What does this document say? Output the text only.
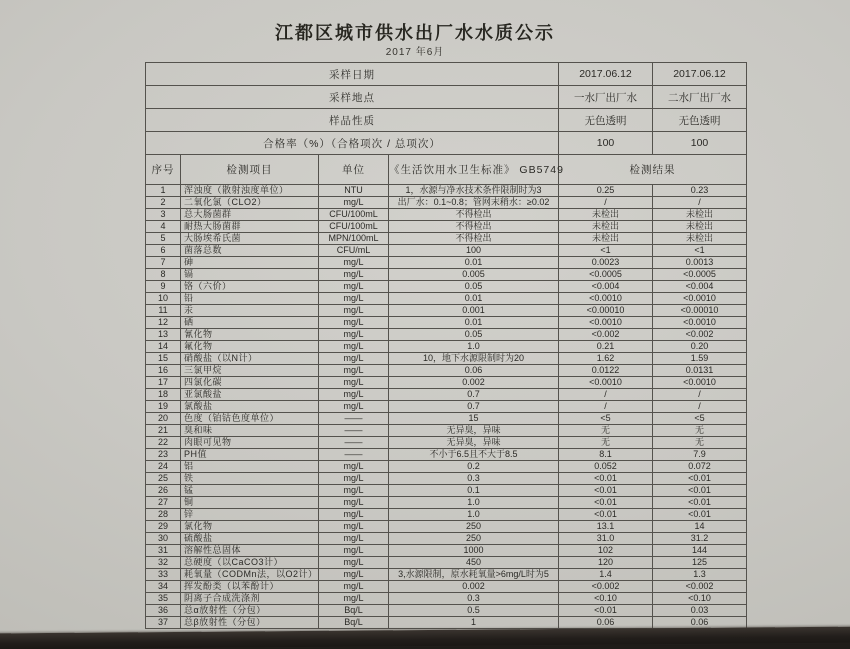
江都区城市供水出厂水水质公示
2017 年6月
采样日期	2017.06.12	2017.06.12
采样地点	一水厂出厂水	二水厂出厂水
样品性质	无色透明	无色透明
合格率（%）（合格项次 / 总项次）	100	100
序号	检测项目	单位	《生活饮用水卫生标准》 GB5749	检测结果	
1	浑浊度（散射浊度单位）	NTU	1，水源与净水技术条件限制时为3	0.25	0.23
2	二氧化氯（CLO2）	mg/L	出厂水：0.1~0.8；管网末稍水：≥0.02	/	/
3	总大肠菌群	CFU/100mL	不得检出	未检出	未检出
4	耐热大肠菌群	CFU/100mL	不得检出	未检出	未检出
5	大肠埃希氏菌	MPN/100mL	不得检出	未检出	未检出
6	菌落总数	CFU/mL	100	<1	<1
7	砷	mg/L	0.01	0.0023	0.0013
8	镉	mg/L	0.005	<0.0005	<0.0005
9	铬（六价）	mg/L	0.05	<0.004	<0.004
10	铅	mg/L	0.01	<0.0010	<0.0010
11	汞	mg/L	0.001	<0.00010	<0.00010
12	硒	mg/L	0.01	<0.0010	<0.0010
13	氰化物	mg/L	0.05	<0.002	<0.002
14	氟化物	mg/L	1.0	0.21	0.20
15	硝酸盐（以N计）	mg/L	10，地下水源限制时为20	1.62	1.59
16	三氯甲烷	mg/L	0.06	0.0122	0.0131
17	四氯化碳	mg/L	0.002	<0.0010	<0.0010
18	亚氯酸盐	mg/L	0.7	/	/
19	氯酸盐	mg/L	0.7	/	/
20	色度（铂钴色度单位）	——	15	<5	<5
21	臭和味	——	无异臭，异味	无	无
22	肉眼可见物	——	无异臭，异味	无	无
23	PH值	——	不小于6.5且不大于8.5	8.1	7.9
24	铝	mg/L	0.2	0.052	0.072
25	铁	mg/L	0.3	<0.01	<0.01
26	锰	mg/L	0.1	<0.01	<0.01
27	铜	mg/L	1.0	<0.01	<0.01
28	锌	mg/L	1.0	<0.01	<0.01
29	氯化物	mg/L	250	13.1	14
30	硫酸盐	mg/L	250	31.0	31.2
31	溶解性总固体	mg/L	1000	102	144
32	总硬度（以CaCO3计）	mg/L	450	120	125
33	耗氧量（CODMn法，以O2计）	mg/L	3,水源限制，原水耗氧量>6mg/L时为5	1.4	1.3
34	挥发酚类（以苯酚计）	mg/L	0.002	<0.002	<0.002
35	阴离子合成洗涤剂	mg/L	0.3	<0.10	<0.10
36	总α放射性（分包）	Bq/L	0.5	<0.01	0.03
37	总β放射性（分包）	Bq/L	1	0.06	0.06
